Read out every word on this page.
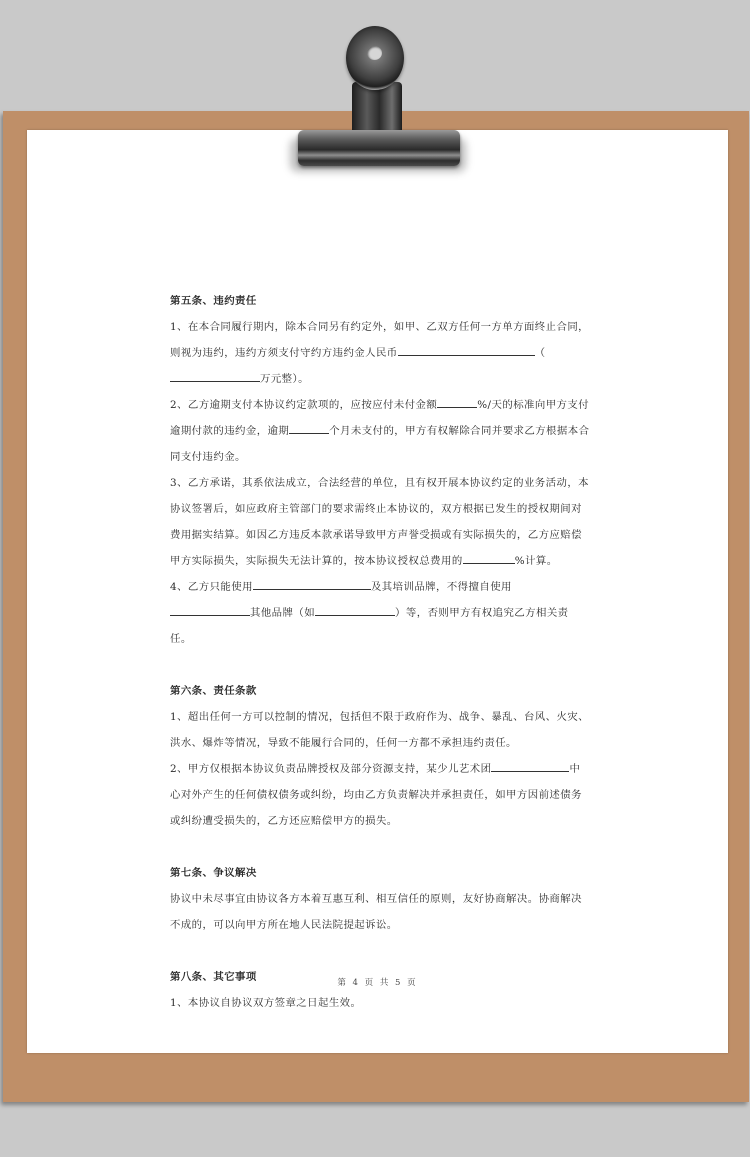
第五条、违约责任

1、在本合同履行期内，除本合同另有约定外，如甲、乙双方任何一方单方面终止合同，则视为违约，违约方须支付守约方违约金人民币	（万元整）。

2、乙方逾期支付本协议约定款项的，应按应付未付金额	%/天的标准向甲方支付逾期付款的违约金，逾期	个月未支付的，甲方有权解除合同并要求乙方根据本合同支付违约金。

3、乙方承诺，其系依法成立，合法经营的单位，且有权开展本协议约定的业务活动，本协议签署后，如应政府主管部门的要求需终止本协议的，双方根据已发生的授权期间对费用据实结算。如因乙方违反本款承诺导致甲方声誉受损或有实际损失的，乙方应赔偿甲方实际损失，实际损失无法计算的，按本协议授权总费用的	%计算。

4、乙方只能使用	及其培训品牌，不得擅自使用其他品牌（如	）等，否则甲方有权追究乙方相关责任。

第六条、责任条款

1、超出任何一方可以控制的情况，包括但不限于政府作为、战争、暴乱、台风、火灾、洪水、爆炸等情况，导致不能履行合同的，任何一方都不承担违约责任。

2、甲方仅根据本协议负责品牌授权及部分资源支持，某少儿艺术团	中心对外产生的任何债权债务或纠纷，均由乙方负责解决并承担责任，如甲方因前述债务或纠纷遭受损失的，乙方还应赔偿甲方的损失。

第七条、争议解决

协议中未尽事宜由协议各方本着互惠互利、相互信任的原则，友好协商解决。协商解决不成的，可以向甲方所在地人民法院提起诉讼。

第八条、其它事项

1、本协议自协议双方签章之日起生效。

第 4 页 共 5 页
